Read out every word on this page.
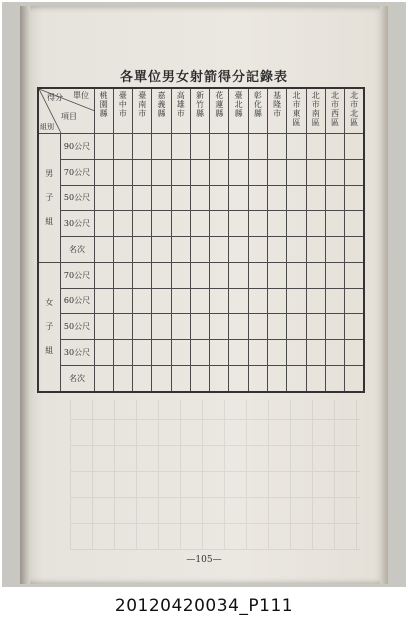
各單位男女射箭得分記錄表
單位
得分
項目
組別		桃園縣	臺中市	臺南市	嘉義縣	高雄市	新竹縣	花蓮縣	臺北縣	彰化縣	基隆市	北市東區	北市南區	北市西區	北市北區

男子組	90公尺														
	70公尺														
	50公尺														
	30公尺														
	名次														
女子組	70公尺														
	60公尺														
	50公尺														
	30公尺														
	名次														
—105—
20120420034_P111
